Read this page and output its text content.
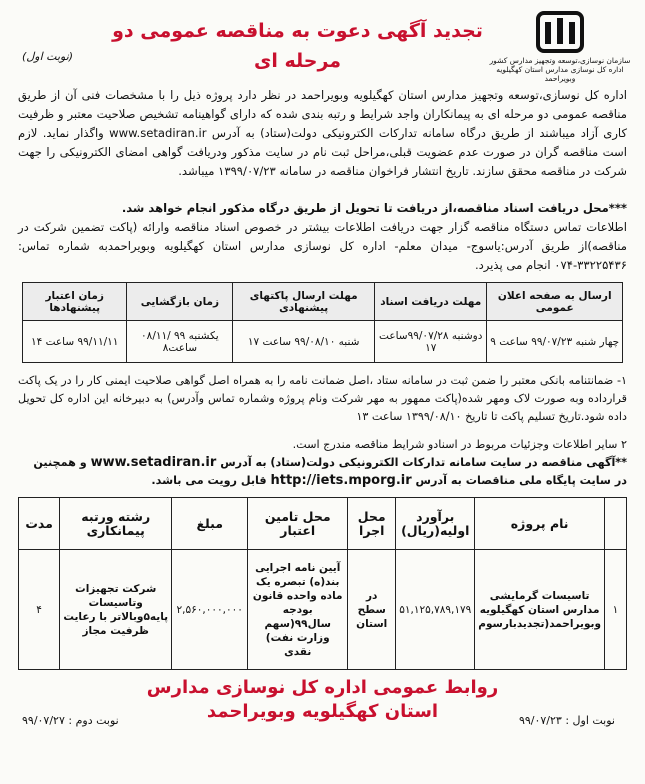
سازمان نوسازی،توسعه وتجهیز مدارس کشور
اداره کل نوسازی مدارس استان کهگیلویه وبویراحمد
تجدید آگهی دعوت به مناقصه عمومی دو
مرحله ای
(نوبت اول)
اداره کل نوسازی،توسعه وتجهیز مدارس استان کهگیلویه وبویراحمد در نظر دارد پروژه ذیل را با مشخصات فنی آن از طریق مناقصه عمومی دو مرحله ای به پیمانکاران واجد شرایط و رتبه بندی شده که دارای گواهینامه تشخیص صلاحیت معتبر و ظرفیت کاری آزاد میباشند از طریق درگاه سامانه تدارکات الکترونیکی دولت(ستاد) به آدرس www.setadiran.ir واگذار نماید. لازم است مناقصه گران در صورت عدم عضویت قبلی،مراحل ثبت نام در سایت مذکور ودریافت گواهی امضای الکترونیکی را جهت شرکت در مناقصه محقق سازند. تاریخ انتشار فراخوان مناقصه در سامانه ۱۳۹۹/۰۷/۲۳ میباشد.
***محل دریافت اسناد مناقصه،از دریافت تا تحویل از طریق درگاه مذکور انجام خواهد شد.
اطلاعات تماس دستگاه مناقصه گزار جهت دریافت اطلاعات بیشتر در خصوص اسناد مناقصه وارائه (پاکت تضمین شرکت در مناقصه)از طریق آدرس:یاسوج- میدان معلم- اداره کل نوسازی مدارس استان کهگیلویه وبویراحمدبه شماره تماس: ۳۳۲۲۵۴۳۶-۰۷۴ انجام می پذیرد.
ارسال به صفحه اعلان عمومی	مهلت دریافت اسناد	مهلت ارسال پاکتهای پیشنهادی	زمان بازگشایی	زمان اعتبار پیشنهادها
چهار شنبه ۹۹/۰۷/۲۳ ساعت ۹	دوشنبه ۹۹/۰۷/۲۸ساعت ۱۷	شنبه ۹۹/۰۸/۱۰ ساعت ۱۷	یکشنبه ۹۹ /۰۸/۱۱ ساعت۸	۹۹/۱۱/۱۱ ساعت ۱۴
۱- ضمانتنامه بانکی معتبر را ضمن ثبت در سامانه ستاد ،اصل ضمانت نامه را به همراه اصل گواهی صلاحیت ایمنی کار را در یک پاکت قرارداده وبه صورت لاک ومهر شده(پاکت ممهور به مهر شرکت ونام پروژه وشماره تماس وآدرس) به دبیرخانه این اداره کل تحویل داده شود.تاریخ تسلیم پاکت تا تاریخ ۱۳۹۹/۰۸/۱۰ ساعت ۱۳
۲ سایر اطلاعات وجزئیات مربوط در اسنادو شرایط مناقصه مندرج است.
**آگهی مناقصه در سایت سامانه تدارکات الکترونیکی دولت(ستاد) به آدرس www.setadiran.ir و همچنین در سایت پایگاه ملی مناقصات به آدرس http://iets.mporg.ir قابل رویت می باشد.
	نام پروژه	برآورد اولیه(ریال)	محل اجرا	محل تامین اعتبار	مبلغ	رشته ورتبه پیمانکاری	مدت
۱	تاسیسات گرمایشی مدارس استان کهگیلویه وبویراحمد(تجدیدبارسوم	۵۱,۱۲۵,۷۸۹,۱۷۹	در سطح استان	آیین نامه اجرایی بند(ه) تبصره یک ماده واحده قانون بودجه سال۹۹(سهم وزارت نفت) نقدی	۲,۵۶۰,۰۰۰,۰۰۰	شرکت تجهیزات وتاسیسات پایه۵وبالاتر با رعایت ظرفیت مجاز	۴
روابط عمومی اداره کل نوسازی مدارس
استان کهگیلویه وبویراحمد	نوبت اول : ۹۹/۰۷/۲۳
نوبت دوم : ۹۹/۰۷/۲۷
